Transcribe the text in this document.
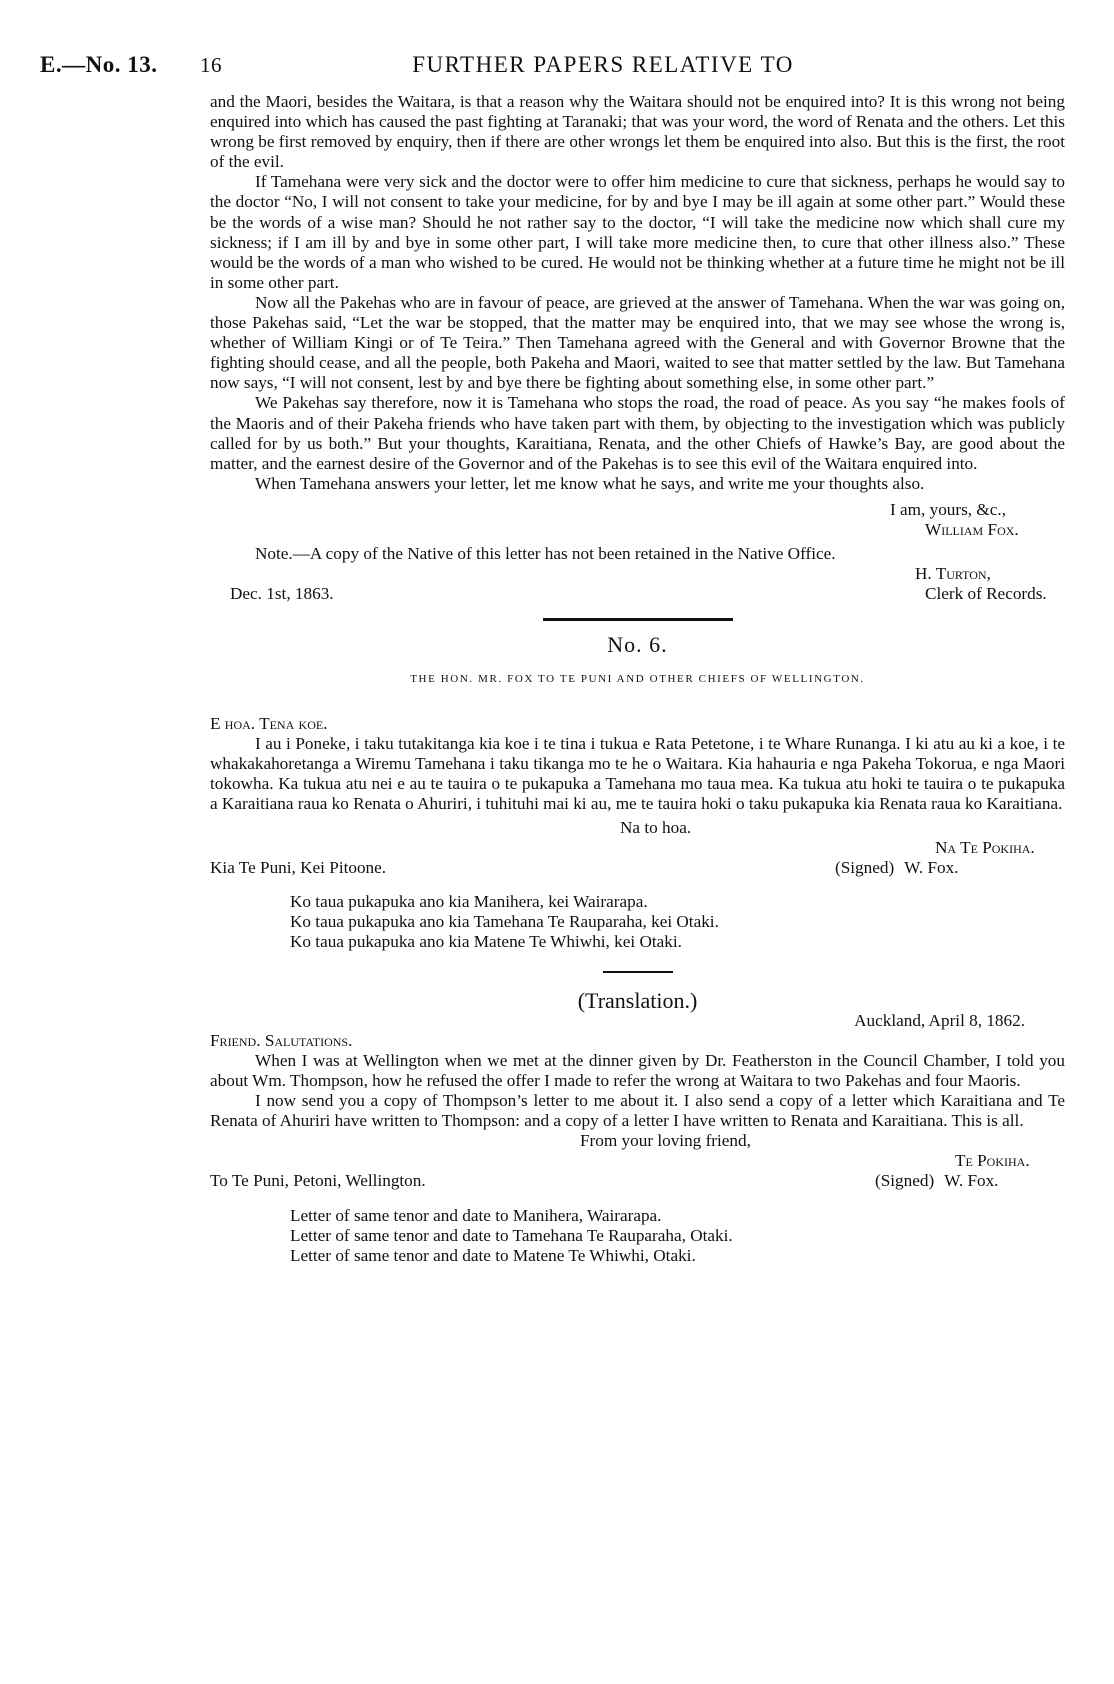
E.—No. 13.	16	FURTHER PAPERS RELATIVE TO

and the Maori, besides the Waitara, is that a reason why the Waitara should not be enquired into? It is this wrong not being enquired into which has caused the past fighting at Taranaki; that was your word, the word of Renata and the others. Let this wrong be first removed by enquiry, then if there are other wrongs let them be enquired into also. But this is the first, the root of the evil.

If Tamehana were very sick and the doctor were to offer him medicine to cure that sickness, perhaps he would say to the doctor “No, I will not consent to take your medicine, for by and bye I may be ill again at some other part.” Would these be the words of a wise man? Should he not rather say to the doctor, “I will take the medicine now which shall cure my sickness; if I am ill by and bye in some other part, I will take more medicine then, to cure that other illness also.” These would be the words of a man who wished to be cured. He would not be thinking whether at a future time he might not be ill in some other part.

Now all the Pakehas who are in favour of peace, are grieved at the answer of Tamehana. When the war was going on, those Pakehas said, “Let the war be stopped, that the matter may be enquired into, that we may see whose the wrong is, whether of William Kingi or of Te Teira.” Then Tamehana agreed with the General and with Governor Browne that the fighting should cease, and all the people, both Pakeha and Maori, waited to see that matter settled by the law. But Tamehana now says, “I will not consent, lest by and bye there be fighting about something else, in some other part.”

We Pakehas say therefore, now it is Tamehana who stops the road, the road of peace. As you say “he makes fools of the Maoris and of their Pakeha friends who have taken part with them, by objecting to the investigation which was publicly called for by us both.” But your thoughts, Karaitiana, Renata, and the other Chiefs of Hawke’s Bay, are good about the matter, and the earnest desire of the Governor and of the Pakehas is to see this evil of the Waitara enquired into.

When Tamehana answers your letter, let me know what he says, and write me your thoughts also.

I am, yours, &c.,
William Fox.
Note.—A copy of the Native of this letter has not been retained in the Native Office.
Dec. 1st, 1863.
H. Turton,
Clerk of Records.
No. 6.
THE HON. MR. FOX TO TE PUNI AND OTHER CHIEFS OF WELLINGTON.
E hoa. Tena koe.

I au i Poneke, i taku tutakitanga kia koe i te tina i tukua e Rata Petetone, i te Whare Runanga. I ki atu au ki a koe, i te whakakahoretanga a Wiremu Tamehana i taku tikanga mo te he o Waitara. Kia hahauria e nga Pakeha Tokorua, e nga Maori tokowha. Ka tukua atu nei e au te tauira o te pukapuka a Tamehana mo taua mea. Ka tukua atu hoki te tauira o te pukapuka a Karaitiana raua ko Renata o Ahuriri, i tuhituhi mai ki au, me te tauira hoki o taku pukapuka kia Renata raua ko Karaitiana.

Na to hoa.
Na Te Pokiha.
Kia Te Puni, Kei Pitoone.	(Signed) W. Fox.
Ko taua pukapuka ano kia Manihera, kei Wairarapa.
Ko taua pukapuka ano kia Tamehana Te Rauparaha, kei Otaki.
Ko taua pukapuka ano kia Matene Te Whiwhi, kei Otaki.
(Translation.)
Auckland, April 8, 1862.
Friend. Salutations.

When I was at Wellington when we met at the dinner given by Dr. Featherston in the Council Chamber, I told you about Wm. Thompson, how he refused the offer I made to refer the wrong at Waitara to two Pakehas and four Maoris.

I now send you a copy of Thompson’s letter to me about it. I also send a copy of a letter which Karaitiana and Te Renata of Ahuriri have written to Thompson: and a copy of a letter I have written to Renata and Karaitiana. This is all.

From your loving friend,
Te Pokiha.
To Te Puni, Petoni, Wellington.	(Signed) W. Fox.
Letter of same tenor and date to Manihera, Wairarapa.
Letter of same tenor and date to Tamehana Te Rauparaha, Otaki.
Letter of same tenor and date to Matene Te Whiwhi, Otaki.
